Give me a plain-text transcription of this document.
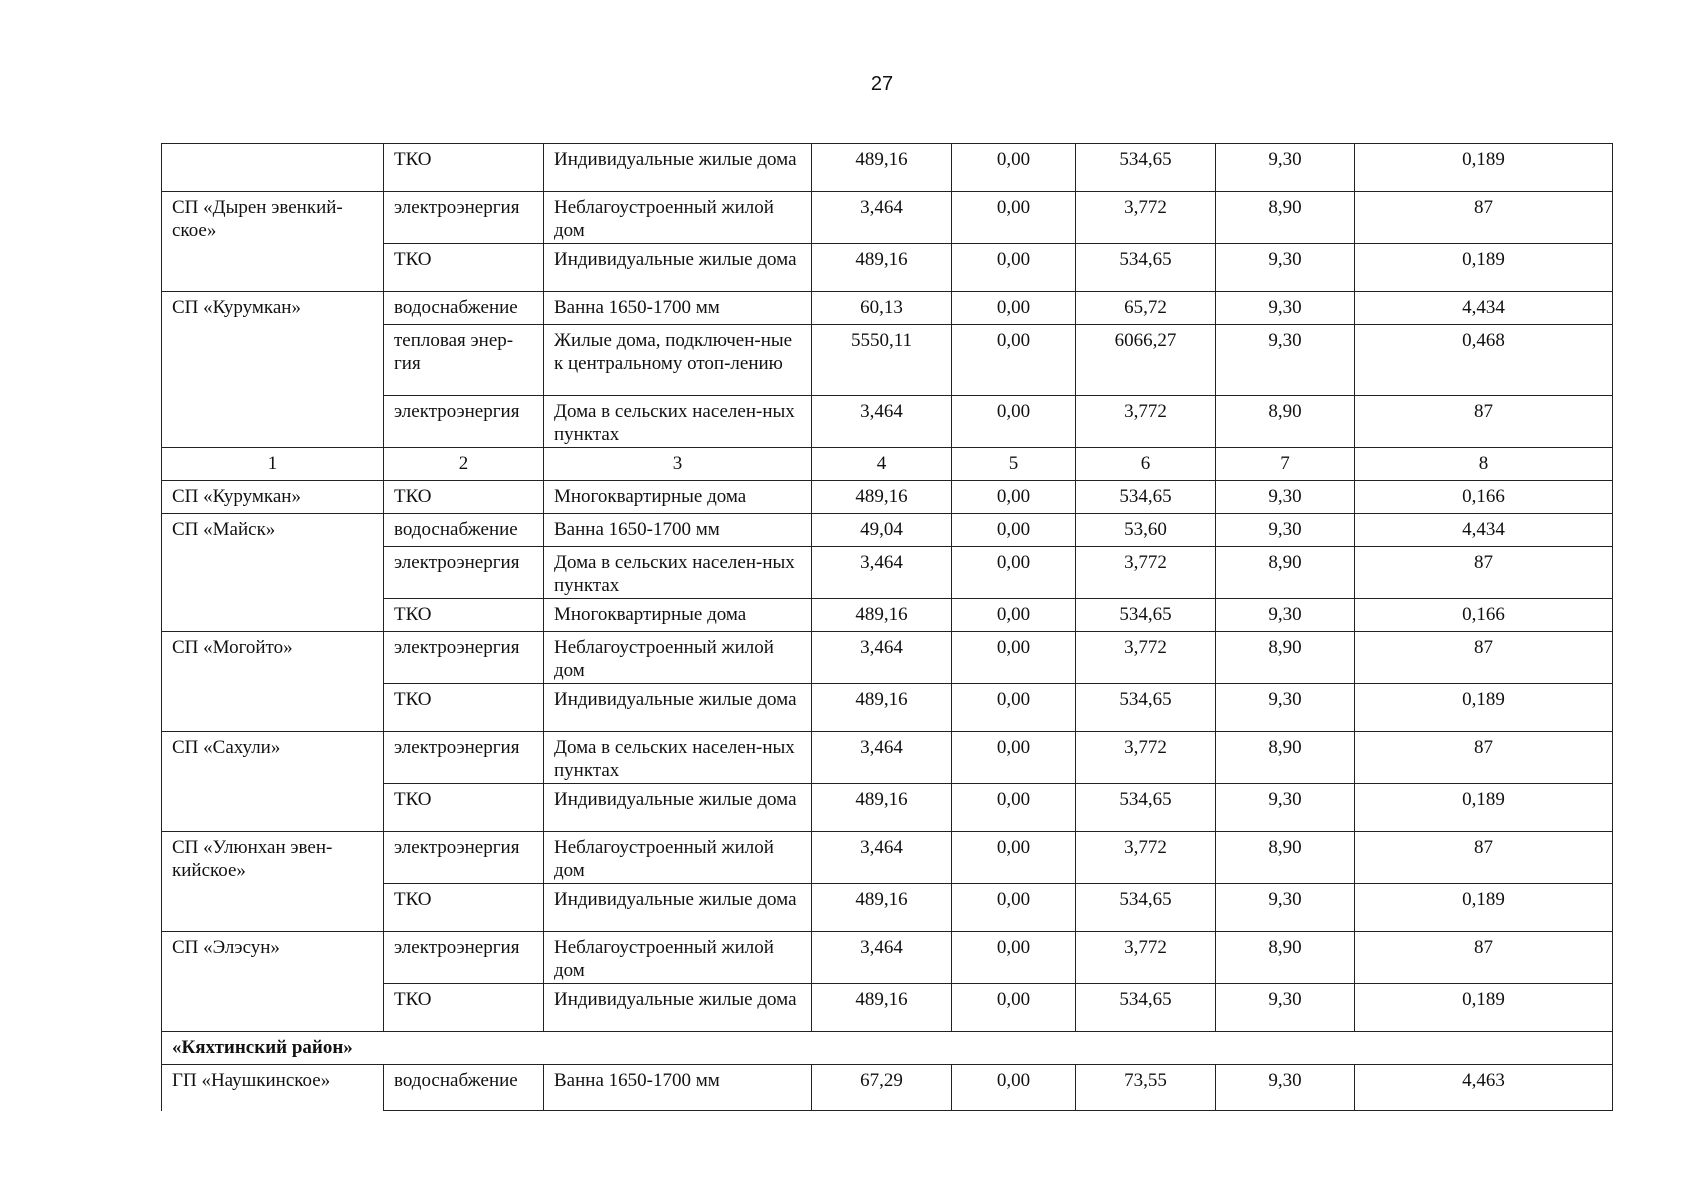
27
	ТКО	Индивидуальные жилые дома	489,16	0,00	534,65	9,30	0,189
СП «Дырен эвенкий-ское»	электроэнергия	Неблагоустроенный жилой дом	3,464	0,00	3,772	8,90	87
	ТКО	Индивидуальные жилые дома	489,16	0,00	534,65	9,30	0,189
СП «Курумкан»	водоснабжение	Ванна 1650-1700 мм	60,13	0,00	65,72	9,30	4,434
	тепловая энер-гия	Жилые дома, подключен-ные к центральному отоп-лению	5550,11	0,00	6066,27	9,30	0,468
	электроэнергия	Дома в сельских населен-ных пунктах	3,464	0,00	3,772	8,90	87
1	2	3	4	5	6	7	8
СП «Курумкан»	ТКО	Многоквартирные дома	489,16	0,00	534,65	9,30	0,166
СП «Майск»	водоснабжение	Ванна 1650-1700 мм	49,04	0,00	53,60	9,30	4,434
	электроэнергия	Дома в сельских населен-ных пунктах	3,464	0,00	3,772	8,90	87
	ТКО	Многоквартирные дома	489,16	0,00	534,65	9,30	0,166
СП «Могойто»	электроэнергия	Неблагоустроенный жилой дом	3,464	0,00	3,772	8,90	87
	ТКО	Индивидуальные жилые дома	489,16	0,00	534,65	9,30	0,189
СП «Сахули»	электроэнергия	Дома в сельских населен-ных пунктах	3,464	0,00	3,772	8,90	87
	ТКО	Индивидуальные жилые дома	489,16	0,00	534,65	9,30	0,189
СП «Улюнхан эвен-кийское»	электроэнергия	Неблагоустроенный жилой дом	3,464	0,00	3,772	8,90	87
	ТКО	Индивидуальные жилые дома	489,16	0,00	534,65	9,30	0,189
СП «Элэсун»	электроэнергия	Неблагоустроенный жилой дом	3,464	0,00	3,772	8,90	87
	ТКО	Индивидуальные жилые дома	489,16	0,00	534,65	9,30	0,189
«Кяхтинский район»							
ГП «Наушкинское»	водоснабжение	Ванна 1650-1700 мм	67,29	0,00	73,55	9,30	4,463
